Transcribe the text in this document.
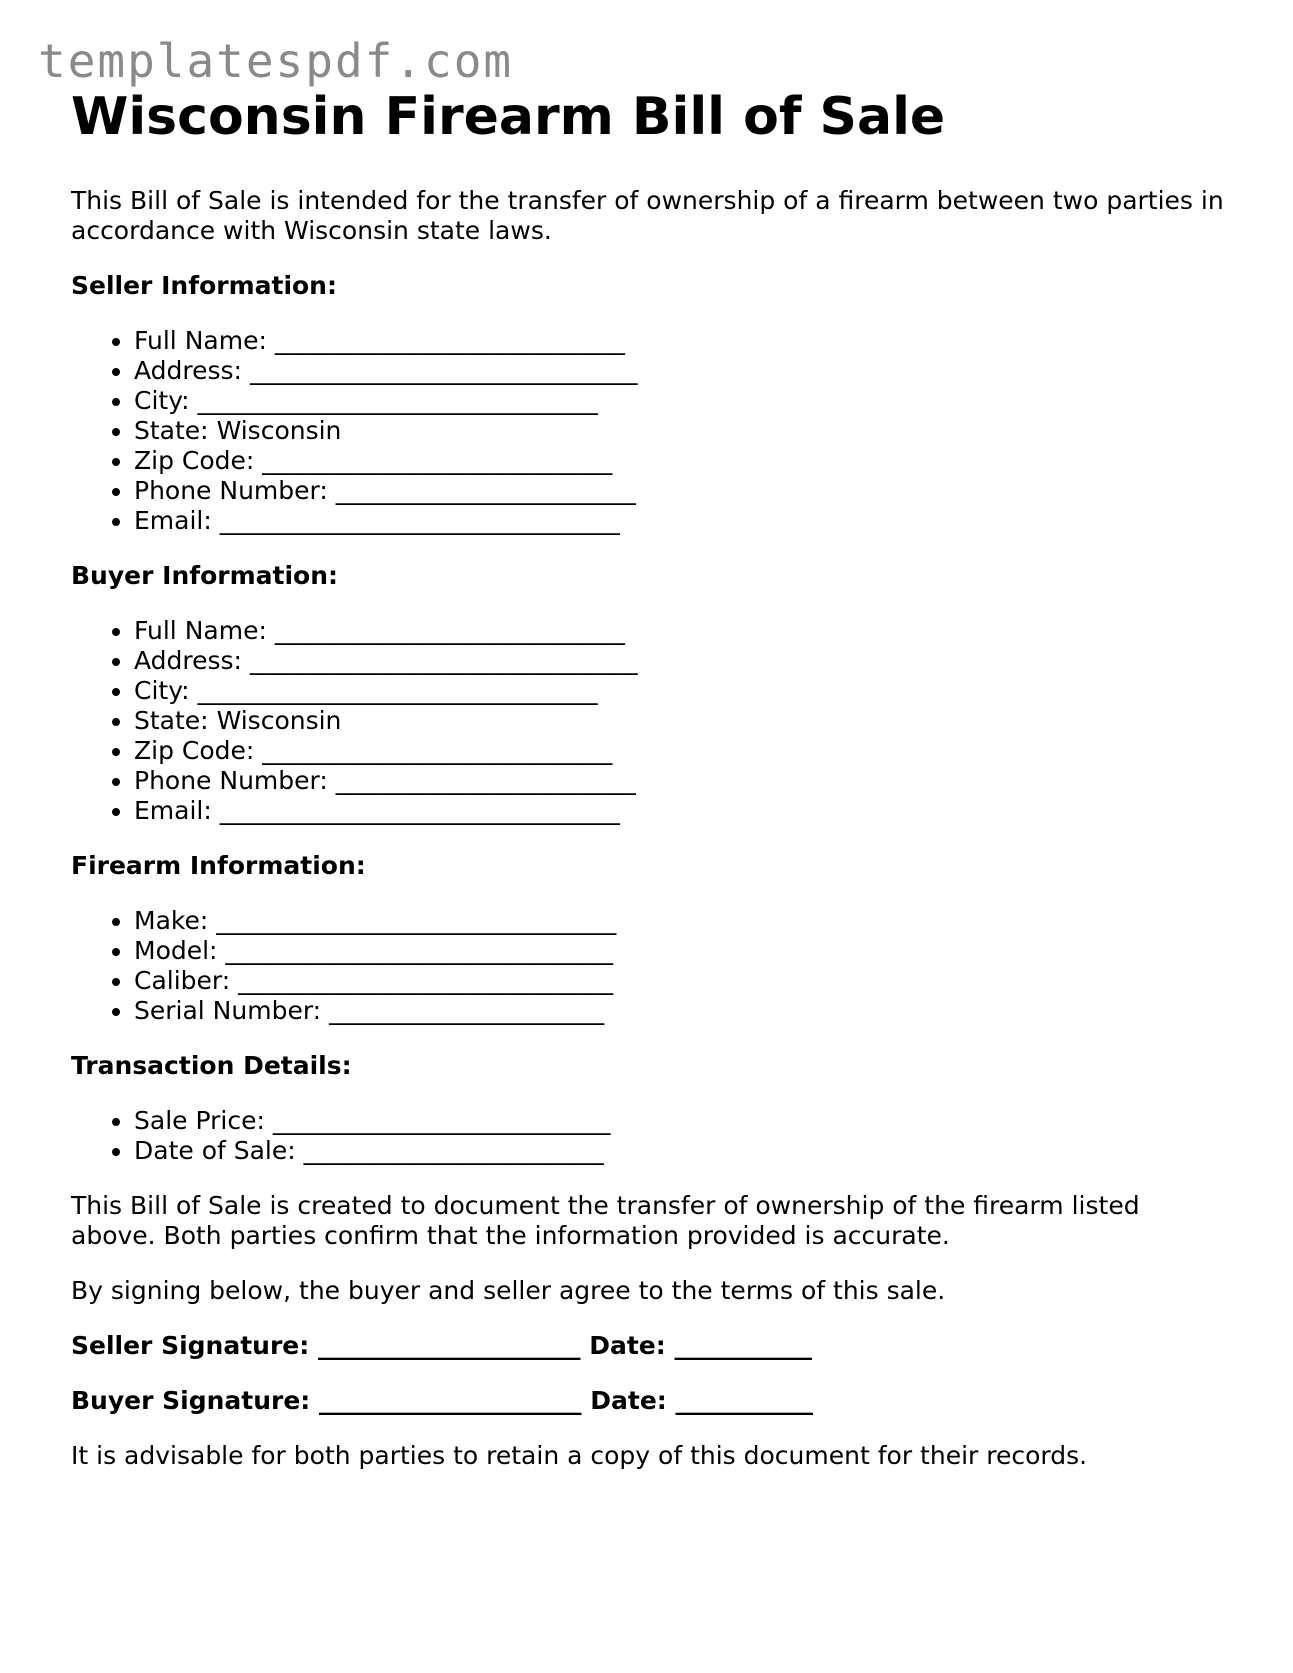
templatespdf.com
Wisconsin Firearm Bill of Sale

This Bill of Sale is intended for the transfer of ownership of a firearm between two parties in accordance with Wisconsin state laws.

Seller Information:
• Full Name: ____________________________
• Address: _______________________________
• City: ________________________________
• State: Wisconsin
• Zip Code: ____________________________
• Phone Number: ________________________
• Email: ________________________________
Buyer Information:
• Full Name: ____________________________
• Address: _______________________________
• City: ________________________________
• State: Wisconsin
• Zip Code: ____________________________
• Phone Number: ________________________
• Email: ________________________________
Firearm Information:
• Make: ________________________________
• Model: _______________________________
• Caliber: ______________________________
• Serial Number: ______________________
Transaction Details:
• Sale Price: ___________________________
• Date of Sale: ________________________

This Bill of Sale is created to document the transfer of ownership of the firearm listed above. Both parties confirm that the information provided is accurate.

By signing below, the buyer and seller agree to the terms of this sale.

Seller Signature: _____________________ Date: ___________
Buyer Signature: _____________________ Date: ___________

It is advisable for both parties to retain a copy of this document for their records.
